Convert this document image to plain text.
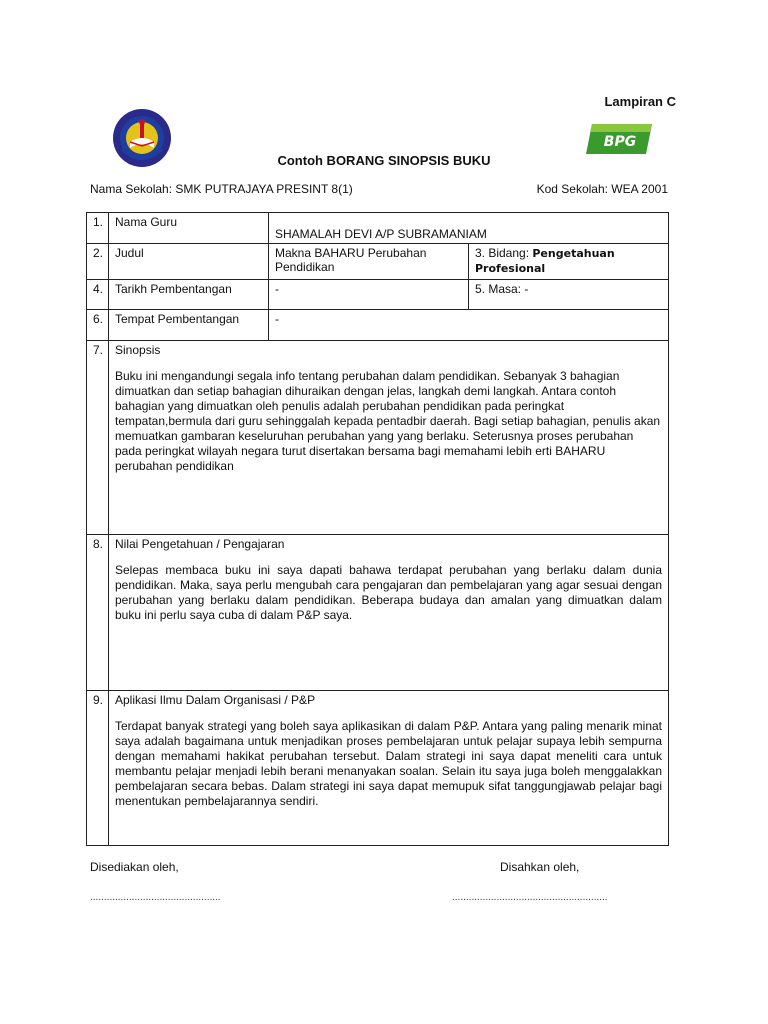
Lampiran C
BPG
Contoh BORANG SINOPSIS BUKU
Nama Sekolah: SMK PUTRAJAYA PRESINT 8(1)	Kod Sekolah: WEA 2001
1.	Nama Guru	SHAMALAH DEVI A/P SUBRAMANIAM	
2.	Judul	Makna BAHARU Perubahan Pendidikan	3. Bidang: Pengetahuan Profesional
4.	Tarikh Pembentangan	-	5. Masa: -
6.	Tempat Pembentangan	-	
7.	Sinopsis

Buku ini mengandungi segala info tentang perubahan dalam pendidikan. Sebanyak 3 bahagian dimuatkan dan setiap bahagian dihuraikan dengan jelas, langkah demi langkah. Antara contoh bahagian yang dimuatkan oleh penulis adalah perubahan pendidikan pada peringkat tempatan,bermula dari guru sehinggalah kepada pentadbir daerah. Bagi setiap bahagian, penulis akan memuatkan gambaran keseluruhan perubahan yang yang berlaku. Seterusnya proses perubahan pada peringkat wilayah negara turut disertakan bersama bagi memahami lebih erti BAHARU perubahan pendidikan		

8.	Nilai Pengetahuan / Pengajaran

Selepas membaca buku ini saya dapati bahawa terdapat perubahan yang berlaku dalam dunia pendidikan. Maka, saya perlu mengubah cara pengajaran dan pembelajaran yang agar sesuai dengan perubahan yang berlaku dalam pendidikan. Beberapa budaya dan amalan yang dimuatkan dalam buku ini perlu saya cuba di dalam P&P saya.		

9.	Aplikasi Ilmu Dalam Organisasi / P&P

Terdapat banyak strategi yang boleh saya aplikasikan di dalam P&P. Antara yang paling menarik minat saya adalah bagaimana untuk menjadikan proses pembelajaran untuk pelajar supaya lebih sempurna dengan memahami hakikat perubahan tersebut. Dalam strategi ini saya dapat meneliti cara untuk membantu pelajar menjadi lebih berani menanyakan soalan. Selain itu saya juga boleh menggalakkan pembelajaran secara bebas. Dalam strategi ini saya dapat memupuk sifat tanggungjawab pelajar bagi menentukan pembelajarannya sendiri.		

Disediakan oleh,	Disahkan oleh,
...............................................	........................................................
